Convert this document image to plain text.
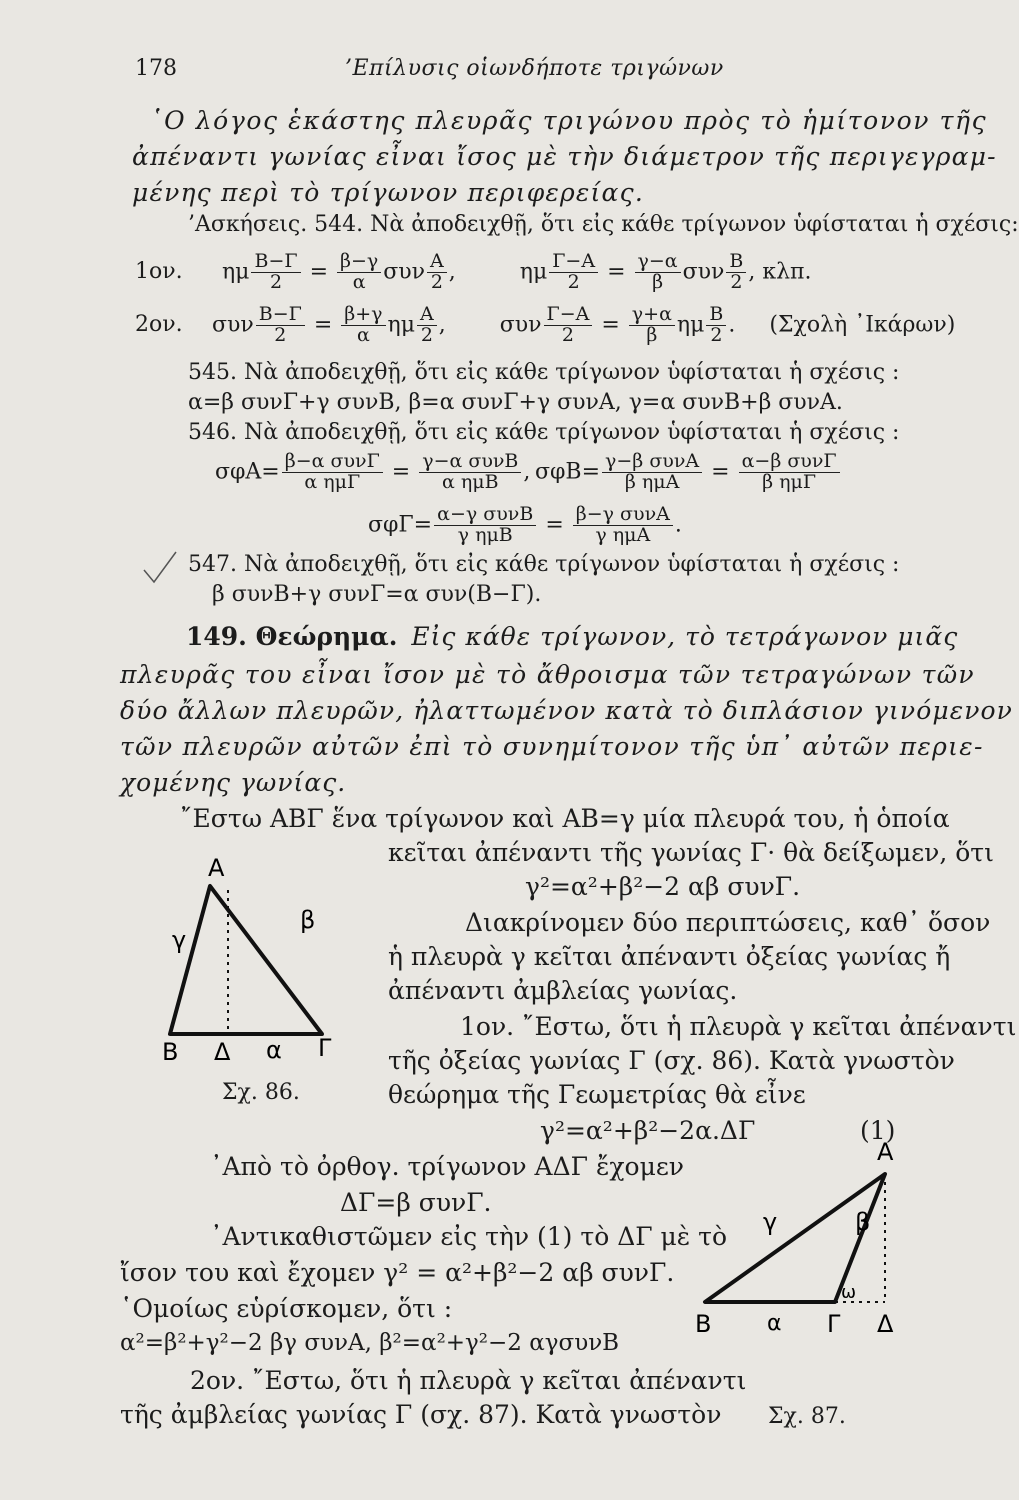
178	’Επίλυσις οἱωνδήποτε τριγώνων
῾Ο λόγος ἑκάστης πλευρᾶς τριγώνου πρὸς τὸ ἡμίτονον τῆς
ἀπέναντι γωνίας εἶναι ἴσος μὲ τὴν διάμετρον τῆς περιγεγραμ-
μένης περὶ τὸ τρίγωνον περιφερείας.
’Ασκήσεις. 544. Νὰ ἀποδειχθῇ, ὅτι εἰς κάθε τρίγωνον ὑφίσταται ἡ σχέσις:
1ον. ημ $\frac{B-\Gamma}{2} = \frac{\beta-\gamma}{\alpha}$ συν $\frac{A}{2}$ ,	ημ $\frac{\Gamma-A}{2} = \frac{\gamma-\alpha}{\beta}$ συν $\frac{B}{2}$ , κλπ.
2ον. συν $\frac{B-\Gamma}{2} = \frac{\beta+\gamma}{\alpha}$ ημ $\frac{A}{2}$ , συν $\frac{\Gamma-A}{2} = \frac{\gamma+\alpha}{\beta}$ ημ $\frac{B}{2}$ . (Σχολὴ ᾽Ικάρων)
545. Νὰ ἀποδειχθῇ, ὅτι εἰς κάθε τρίγωνον ὑφίσταται ἡ σχέσις :
α=β συνΓ+γ συνΒ, β=α συνΓ+γ συνΑ, γ=α συνΒ+β συνΑ.
546. Νὰ ἀποδειχθῇ, ὅτι εἰς κάθε τρίγωνον ὑφίσταται ἡ σχέσις :
$\sigma\varphi A= \frac{\text{β−α συνΓ}}{\text{α ημΓ}} = \frac{\text{γ−α συνΒ}}{\text{α ημΒ}}$ , $\sigma\varphi B= \frac{\text{γ−β συνΑ}}{\text{β ημΑ}} = \frac{\text{α−β συνΓ}}{\text{β ημΓ}}$
$\sigma\varphi\Gamma= \frac{\text{α−γ συνΒ}}{\text{γ ημΒ}} = \frac{\text{β−γ συνΑ}}{\text{γ ημΑ}}$ .
547. Νὰ ἀποδειχθῇ, ὅτι εἰς κάθε τρίγωνον ὑφίσταται ἡ σχέσις :
β συνΒ+γ συνΓ=α συν(Β−Γ).
149. Θεώρημα. Εἰς κάθε τρίγωνον, τὸ τετράγωνον μιᾶς
πλευρᾶς του εἶναι ἴσον μὲ τὸ ἄθροισμα τῶν τετραγώνων τῶν
δύο ἄλλων πλευρῶν, ἠλαττωμένον κατὰ τὸ διπλάσιον γινόμενον
τῶν πλευρῶν αὐτῶν ἐπὶ τὸ συνημίτονον τῆς ὑπ᾽ αὐτῶν περιε-
χομένης γωνίας.
῎Εστω ΑΒΓ ἕνα τρίγωνον καὶ ΑΒ=γ μία πλευρά του, ἡ ὁποία
κεῖται ἀπέναντι τῆς γωνίας Γ· θὰ δείξωμεν, ὅτι
γ²=α²+β²−2 αβ συνΓ.
Διακρίνομεν δύο περιπτώσεις, καθ᾽ ὅσον
ἡ πλευρὰ γ κεῖται ἀπέναντι ὀξείας γωνίας ἤ
ἀπέναντι ἀμβλείας γωνίας.
1ον. ῎Εστω, ὅτι ἡ πλευρὰ γ κεῖται ἀπέναντι
τῆς ὀξείας γωνίας Γ (σχ. 86). Κατὰ γνωστὸν
θεώρημα τῆς Γεωμετρίας θὰ εἶνε
γ²=α²+β²−2α.ΔΓ	(1)
᾽Απὸ τὸ ὀρθογ. τρίγωνον ΑΔΓ ἔχομεν
ΔΓ=β συνΓ.
᾽Αντικαθιστῶμεν εἰς τὴν (1) τὸ ΔΓ μὲ τὸ
ἴσον του καὶ ἔχομεν γ² = α²+β²−2 αβ συνΓ.
῾Ομοίως εὑρίσκομεν, ὅτι :
α²=β²+γ²−2 βγ συνΑ, β²=α²+γ²−2 αγσυνΒ
2ον. ῎Εστω, ὅτι ἡ πλευρὰ γ κεῖται ἀπέναντι
τῆς ἀμβλείας γωνίας Γ (σχ. 87). Κατὰ γνωστὸν
A
γ
β
B Δ α Γ
Σχ. 86.
A
γ	β
ω
B	α Γ Δ
Σχ. 87.
